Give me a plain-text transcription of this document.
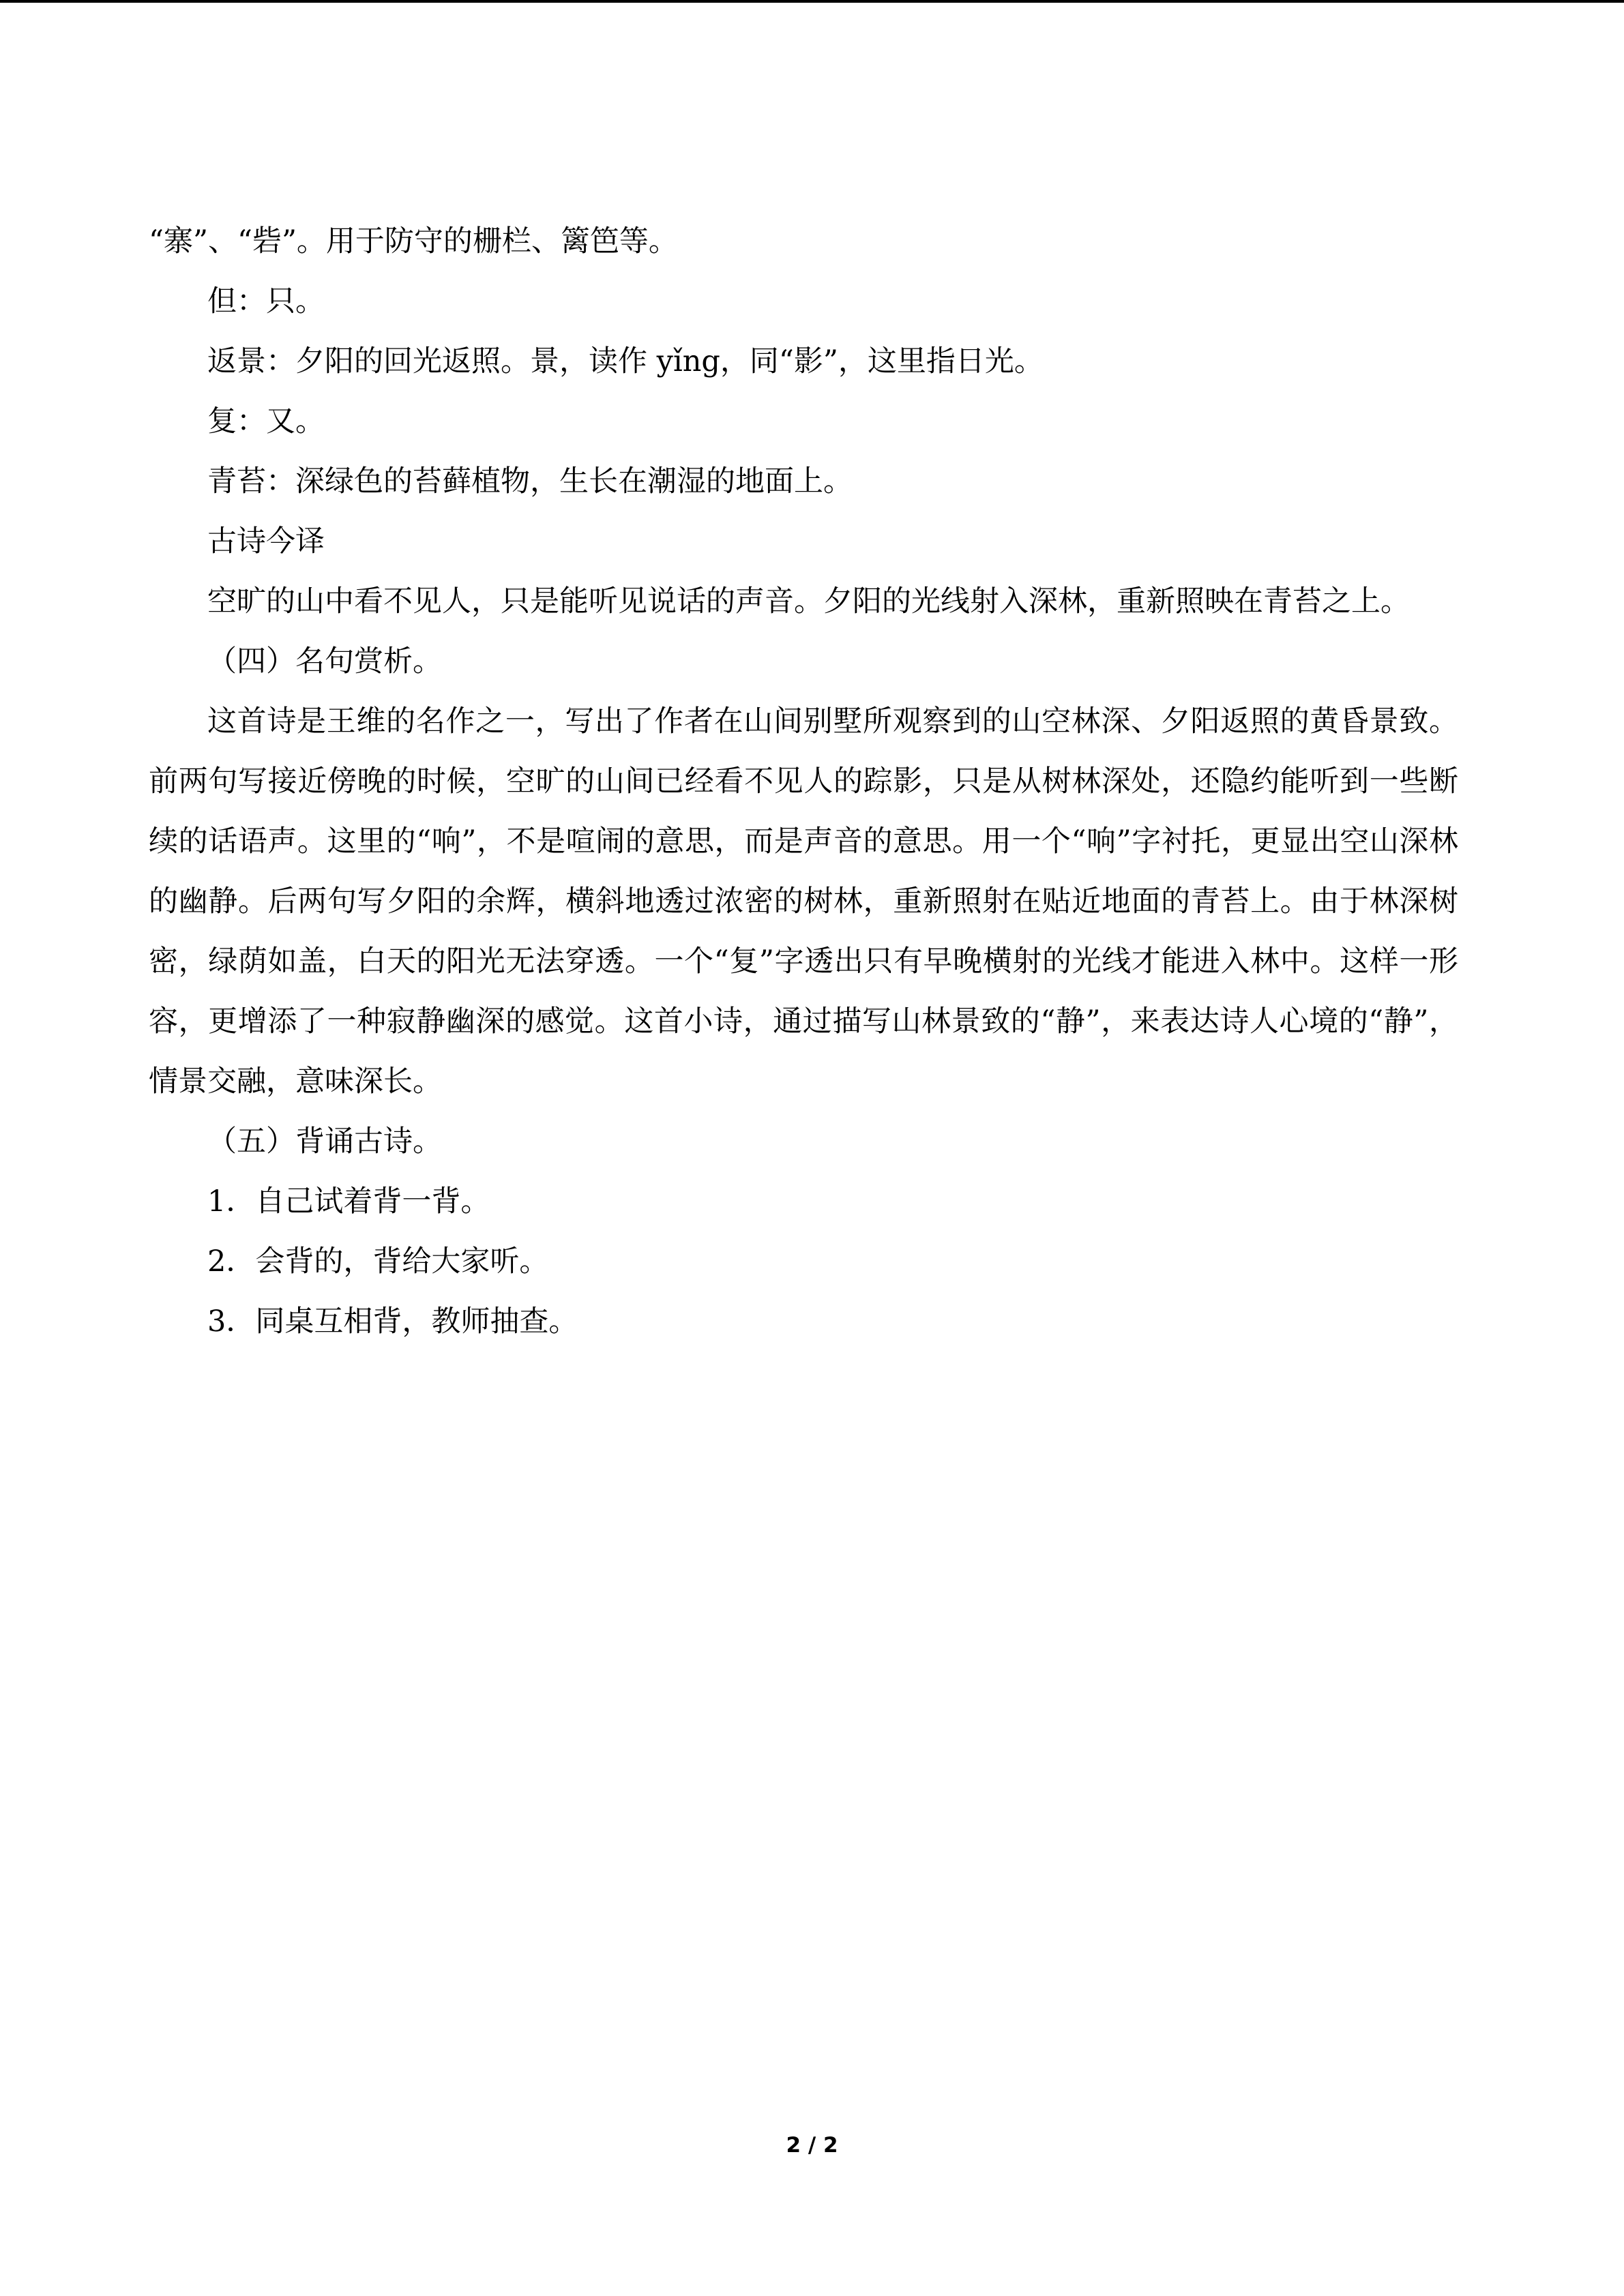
“寨”、“砦”。用于防守的栅栏、篱笆等。

但：只。

返景：夕阳的回光返照。景，读作 yǐng，同“影”，这里指日光。

复：又。

青苔：深绿色的苔藓植物，生长在潮湿的地面上。

古诗今译

空旷的山中看不见人，只是能听见说话的声音。夕阳的光线射入深林，重新照映在青苔之上。

（四）名句赏析。

这首诗是王维的名作之一，写出了作者在山间别墅所观察到的山空林深、夕阳返照的黄昏景致。前两句写接近傍晚的时候，空旷的山间已经看不见人的踪影，只是从树林深处，还隐约能听到一些断续的话语声。这里的“响”，不是喧闹的意思，而是声音的意思。用一个“响”字衬托，更显出空山深林的幽静。后两句写夕阳的余辉，横斜地透过浓密的树林，重新照射在贴近地面的青苔上。由于林深树密，绿荫如盖，白天的阳光无法穿透。一个“复”字透出只有早晚横射的光线才能进入林中。这样一形容，更增添了一种寂静幽深的感觉。这首小诗，通过描写山林景致的“静”，来表达诗人心境的“静”，情景交融，意味深长。

（五）背诵古诗。

1．自己试着背一背。

2．会背的，背给大家听。

3．同桌互相背，教师抽查。

2 / 2
